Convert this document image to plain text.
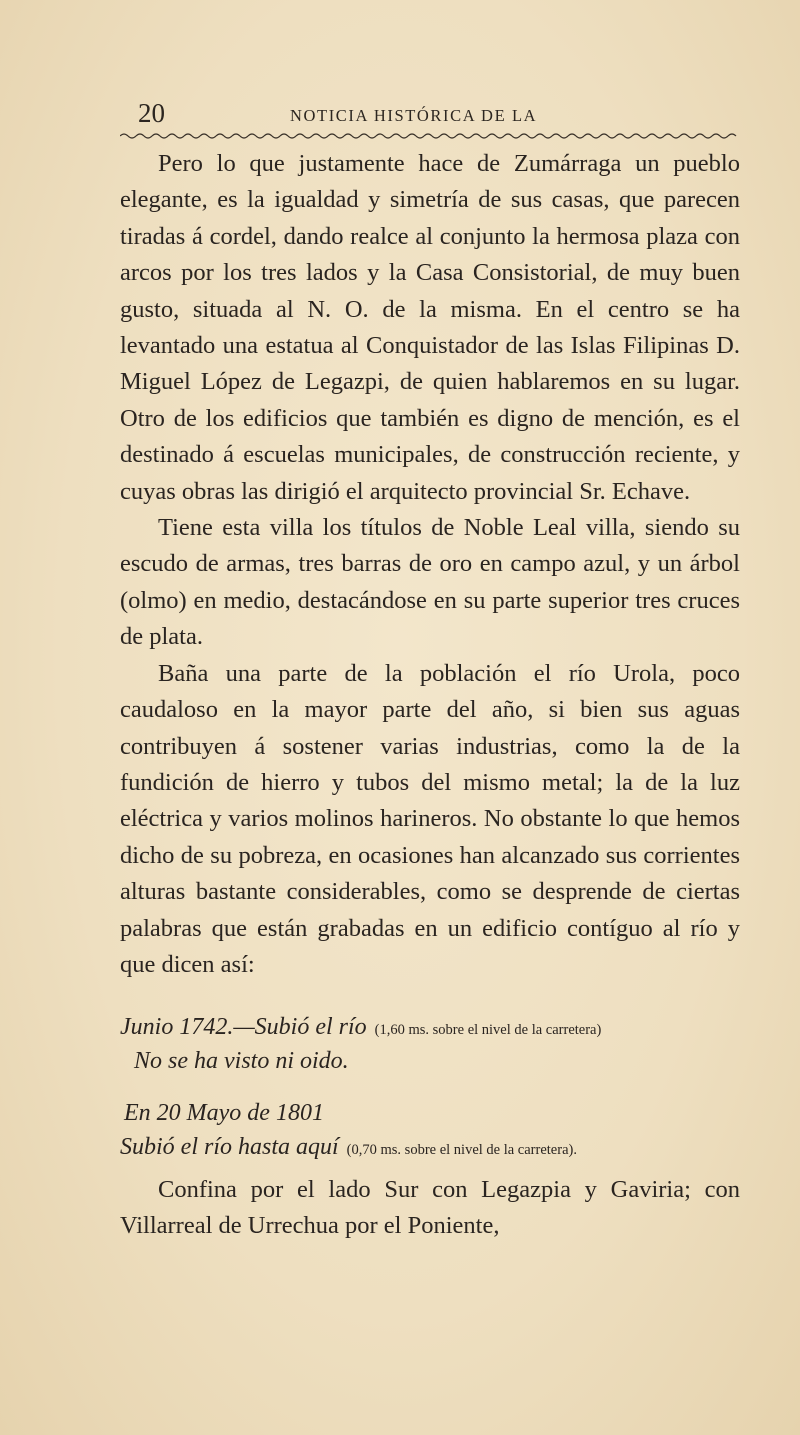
20	NOTICIA HISTÓRICA DE LA

Pero lo que justamente hace de Zumárraga un pueblo elegante, es la igualdad y simetría de sus casas, que parecen tiradas á cordel, dando realce al conjunto la hermosa plaza con arcos por los tres lados y la Casa Consistorial, de muy buen gusto, situada al N. O. de la misma. En el centro se ha levantado una estatua al Conquistador de las Islas Filipinas D. Miguel López de Legazpi, de quien hablaremos en su lugar. Otro de los edificios que también es digno de mención, es el destinado á escuelas municipales, de construcción reciente, y cuyas obras las dirigió el arquitecto provincial Sr. Echave.

Tiene esta villa los títulos de Noble Leal villa, siendo su escudo de armas, tres barras de oro en campo azul, y un árbol (olmo) en medio, destacándose en su parte superior tres cruces de plata.

Baña una parte de la población el río Urola, poco caudaloso en la mayor parte del año, si bien sus aguas contribuyen á sostener varias industrias, como la de la fundición de hierro y tubos del mismo metal; la de la luz eléctrica y varios molinos harineros. No obstante lo que hemos dicho de su pobreza, en ocasiones han alcanzado sus corrientes alturas bastante considerables, como se desprende de ciertas palabras que están grabadas en un edificio contíguo al río y que dicen así:

Junio 1742.—Subió el río (1,60 ms. sobre el nivel de la carretera)
No se ha visto ni oido.
En 20 Mayo de 1801
Subió el río hasta aquí (0,70 ms. sobre el nivel de la carretera).

Confina por el lado Sur con Legazpia y Gaviria; con Villarreal de Urrechua por el Poniente,
